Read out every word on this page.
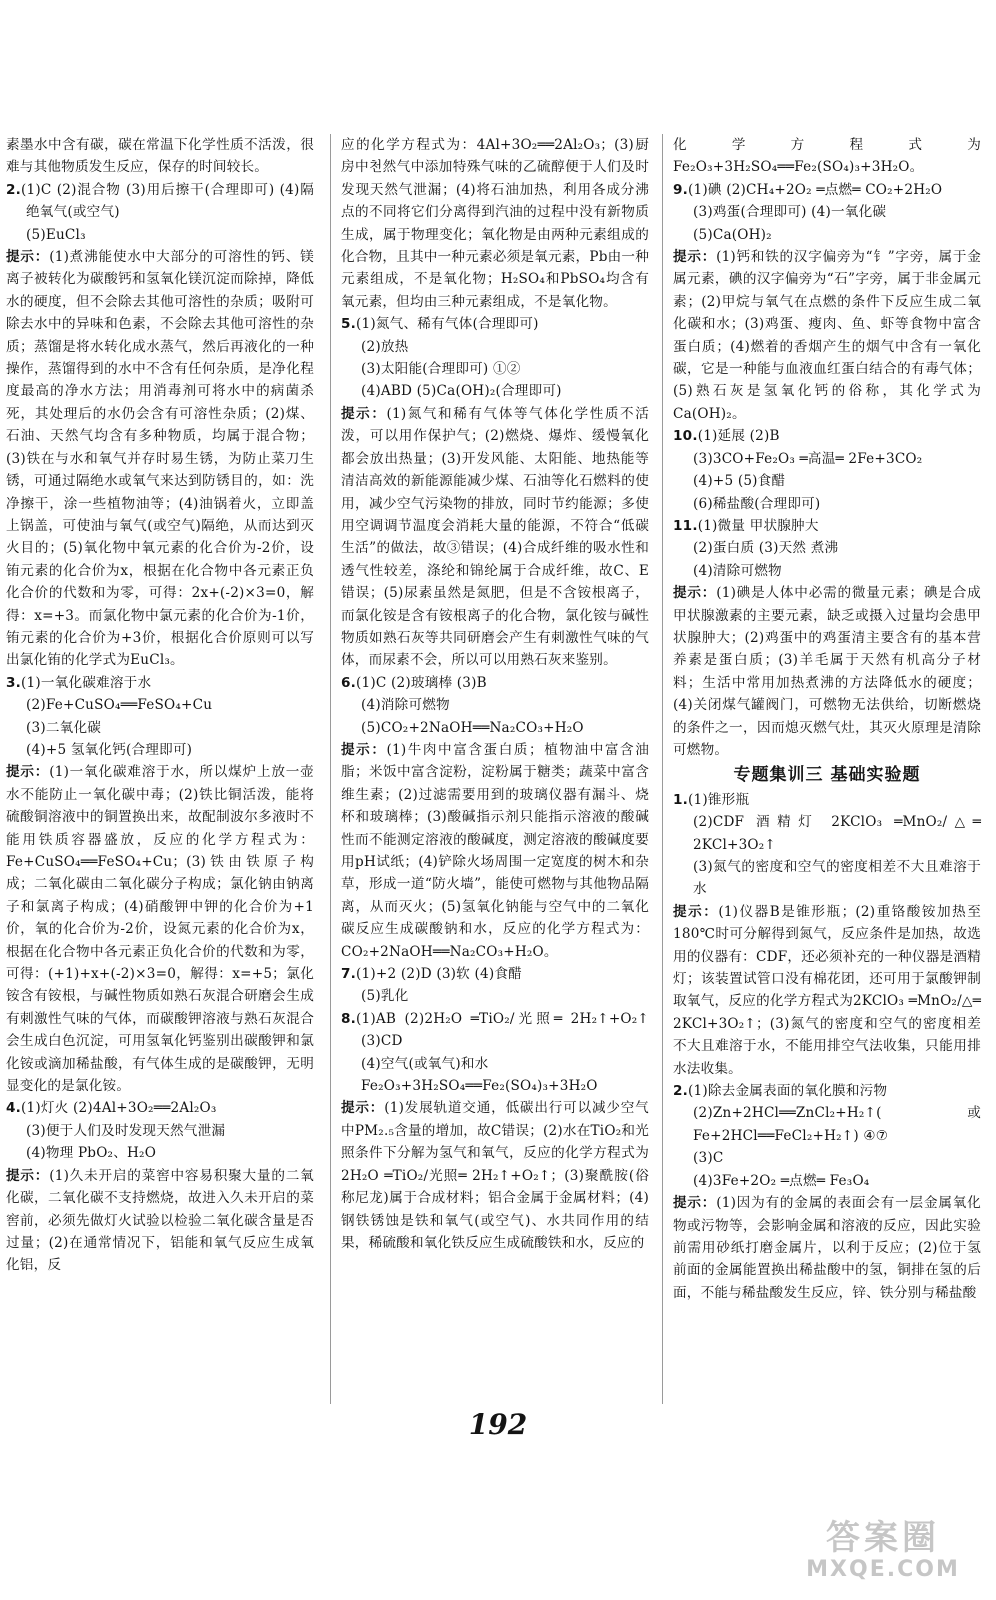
素墨水中含有碳，碳在常温下化学性质不活泼，很难与其他物质发生反应，保存的时间较长。

2.(1)C (2)混合物 (3)用后擦干(合理即可) (4)隔绝氧气(或空气)

(5)EuCl₃

提示：(1)煮沸能使水中大部分的可溶性的钙、镁离子被转化为碳酸钙和氢氧化镁沉淀而除掉，降低水的硬度，但不会除去其他可溶性的杂质；吸附可除去水中的异味和色素，不会除去其他可溶性的杂质；蒸馏是将水转化成水蒸气，然后再液化的一种操作，蒸馏得到的水中不含有任何杂质，是净化程度最高的净水方法；用消毒剂可将水中的病菌杀死，其处理后的水仍会含有可溶性杂质；(2)煤、石油、天然气均含有多种物质，均属于混合物；(3)铁在与水和氧气并存时易生锈，为防止菜刀生锈，可通过隔绝水或氧气来达到防锈目的，如：洗净擦干，涂一些植物油等；(4)油锅着火，立即盖上锅盖，可使油与氧气(或空气)隔绝，从而达到灭火目的；(5)氧化物中氧元素的化合价为-2价，设铕元素的化合价为x，根据在化合物中各元素正负化合价的代数和为零，可得：2x+(-2)×3=0，解得：x=+3。而氯化物中氯元素的化合价为-1价，铕元素的化合价为+3价，根据化合价原则可以写出氯化铕的化学式为EuCl₃。

3.(1)一氧化碳难溶于水

(2)Fe+CuSO₄══FeSO₄+Cu

(3)二氧化碳

(4)+5 氢氧化钙(合理即可)

提示：(1)一氧化碳难溶于水，所以煤炉上放一壶水不能防止一氧化碳中毒；(2)铁比铜活泼，能将硫酸铜溶液中的铜置换出来，故配制波尔多液时不能用铁质容器盛放，反应的化学方程式为：Fe+CuSO₄══FeSO₄+Cu；(3)铁由铁原子构成；二氧化碳由二氧化碳分子构成；氯化钠由钠离子和氯离子构成；(4)硝酸钾中钾的化合价为+1价，氧的化合价为-2价，设氮元素的化合价为x，根据在化合物中各元素正负化合价的代数和为零，可得：(+1)+x+(-2)×3=0，解得：x=+5；氯化铵含有铵根，与碱性物质如熟石灰混合研磨会生成有刺激性气味的气体，而碳酸钾溶液与熟石灰混合会生成白色沉淀，可用氢氧化钙鉴别出碳酸钾和氯化铵或滴加稀盐酸，有气体生成的是碳酸钾，无明显变化的是氯化铵。

4.(1)灯火 (2)4Al+3O₂══2Al₂O₃

(3)便于人们及时发现天然气泄漏

(4)物理 PbO₂、H₂O

提示：(1)久未开启的菜窖中容易积聚大量的二氧化碳，二氧化碳不支持燃烧，故进入久未开启的菜窖前，必须先做灯火试验以检验二氧化碳含量是否过量；(2)在通常情况下，铝能和氧气反应生成氧化铝，反

应的化学方程式为：4Al+3O₂══2Al₂O₃；(3)厨房中천然气中添加特殊气味的乙硫醇便于人们及时发现天然气泄漏；(4)将石油加热，利用各成分沸点的不同将它们分离得到汽油的过程中没有新物质生成，属于物理变化；氧化物是由两种元素组成的化合物，且其中一种元素必须是氧元素，Pb由一种元素组成，不是氧化物；H₂SO₄和PbSO₄均含有氧元素，但均由三种元素组成，不是氧化物。

5.(1)氮气、稀有气体(合理即可)

(2)放热

(3)太阳能(合理即可) ①②

(4)ABD (5)Ca(OH)₂(合理即可)

提示：(1)氮气和稀有气体等气体化学性质不活泼，可以用作保护气；(2)燃烧、爆炸、缓慢氧化都会放出热量；(3)开发风能、太阳能、地热能等清洁高效的新能源能减少煤、石油等化石燃料的使用，减少空气污染物的排放，同时节约能源；多使用空调调节温度会消耗大量的能源，不符合“低碳生活”的做法，故③错误；(4)合成纤维的吸水性和透气性较差，涤纶和锦纶属于合成纤维，故C、E错误；(5)尿素虽然是氮肥，但是不含铵根离子，而氯化铵是含有铵根离子的化合物，氯化铵与碱性物质如熟石灰等共同研磨会产生有刺激性气味的气体，而尿素不会，所以可以用熟石灰来鉴别。

6.(1)C (2)玻璃棒 (3)B

(4)消除可燃物

(5)CO₂+2NaOH══Na₂CO₃+H₂O

提示：(1)牛肉中富含蛋白质；植物油中富含油脂；米饭中富含淀粉，淀粉属于糖类；蔬菜中富含维生素；(2)过滤需要用到的玻璃仪器有漏斗、烧杯和玻璃棒；(3)酸碱指示剂只能指示溶液的酸碱性而不能测定溶液的酸碱度，测定溶液的酸碱度要用pH试纸；(4)铲除火场周围一定宽度的树木和杂草，形成一道“防火墙”，能使可燃物与其他物品隔离，从而灭火；(5)氢氧化钠能与空气中的二氧化碳反应生成碳酸钠和水，反应的化学方程式为：CO₂+2NaOH══Na₂CO₃+H₂O。

7.(1)+2 (2)D (3)软 (4)食醋

(5)乳化

8.(1)AB (2)2H₂O ═TiO₂/光照═ 2H₂↑+O₂↑ (3)CD

(4)空气(或氧气)和水

Fe₂O₃+3H₂SO₄══Fe₂(SO₄)₃+3H₂O

提示：(1)发展轨道交通，低碳出行可以减少空气中PM₂.₅含量的增加，故C错误；(2)水在TiO₂和光照条件下分解为氢气和氧气，反应的化学方程式为2H₂O ═TiO₂/光照═ 2H₂↑+O₂↑；(3)聚酰胺(俗称尼龙)属于合成材料；铝合金属于金属材料；(4)钢铁锈蚀是铁和氧气(或空气)、水共同作用的结果，稀硫酸和氧化铁反应生成硫酸铁和水，反应的

化学方程式为Fe₂O₃+3H₂SO₄══Fe₂(SO₄)₃+3H₂O。

9.(1)碘 (2)CH₄+2O₂ ═点燃═ CO₂+2H₂O

(3)鸡蛋(合理即可) (4)一氧化碳

(5)Ca(OH)₂

提示：(1)钙和铁的汉字偏旁为“钅”字旁，属于金属元素，碘的汉字偏旁为“石”字旁，属于非金属元素；(2)甲烷与氧气在点燃的条件下反应生成二氧化碳和水；(3)鸡蛋、瘦肉、鱼、虾等食物中富含蛋白质；(4)燃着的香烟产生的烟气中含有一氧化碳，它是一种能与血液血红蛋白结合的有毒气体；(5)熟石灰是氢氧化钙的俗称，其化学式为Ca(OH)₂。

10.(1)延展 (2)B

(3)3CO+Fe₂O₃ ═高温═ 2Fe+3CO₂

(4)+5 (5)食醋

(6)稀盐酸(合理即可)

11.(1)微量 甲状腺肿大

(2)蛋白质 (3)天然 煮沸

(4)清除可燃物

提示：(1)碘是人体中必需的微量元素；碘是合成甲状腺激素的主要元素，缺乏或摄入过量均会患甲状腺肿大；(2)鸡蛋中的鸡蛋清主要含有的基本营养素是蛋白质；(3)羊毛属于天然有机高分子材料；生活中常用加热煮沸的方法降低水的硬度；(4)关闭煤气罐阀门，可燃物无法供给，切断燃烧的条件之一，因而熄灭燃气灶，其灭火原理是清除可燃物。

专题集训三 基础实验题

1.(1)锥形瓶

(2)CDF 酒精灯 2KClO₃ ═MnO₂/△═ 2KCl+3O₂↑

(3)氮气的密度和空气的密度相差不大且难溶于水

提示：(1)仪器B是锥形瓶；(2)重铬酸铵加热至180℃时可分解得到氮气，反应条件是加热，故选用的仪器有：CDF，还必须补充的一种仪器是酒精灯；该装置试管口没有棉花团，还可用于氯酸钾制取氧气，反应的化学方程式为2KClO₃ ═MnO₂/△═ 2KCl+3O₂↑；(3)氮气的密度和空气的密度相差不大且难溶于水，不能用排空气法收集，只能用排水法收集。

2.(1)除去金属表面的氧化膜和污物

(2)Zn+2HCl══ZnCl₂+H₂↑(或Fe+2HCl══FeCl₂+H₂↑) ④⑦

(3)C

(4)3Fe+2O₂ ═点燃═ Fe₃O₄

提示：(1)因为有的金属的表面会有一层金属氧化物或污物等，会影响金属和溶液的反应，因此实验前需用砂纸打磨金属片，以利于反应；(2)位于氢前面的金属能置换出稀盐酸中的氢，铜排在氢的后面，不能与稀盐酸发生反应，锌、铁分别与稀盐酸

192
答案圈
MXQE.COM
